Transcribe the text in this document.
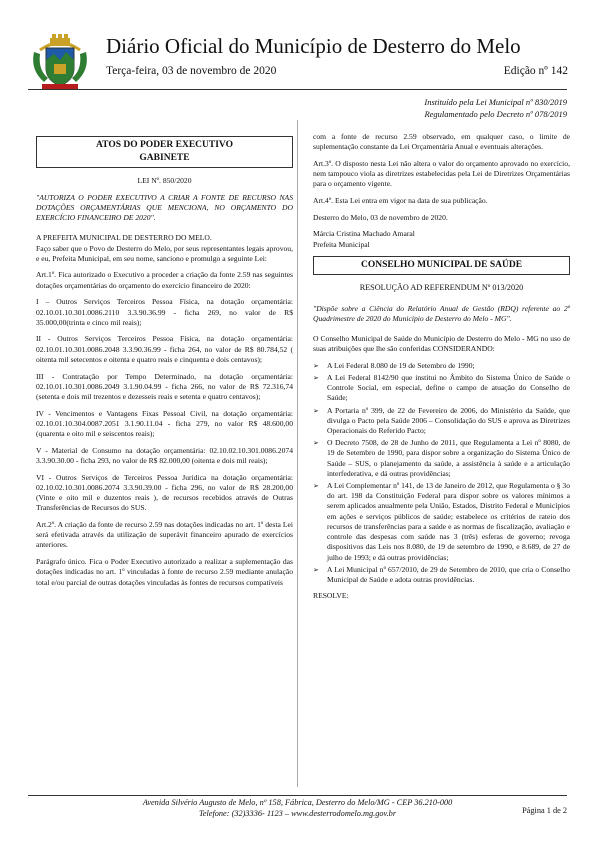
Diário Oficial do Município de Desterro do Melo
Terça-feira, 03 de novembro de 2020	Edição nº 142
Instituído pela Lei Municipal nº 830/2019
Regulamentado pelo Decreto nº 078/2019
ATOS DO PODER EXECUTIVO
GABINETE

LEI Nº. 850/2020

"AUTORIZA O PODER EXECUTIVO A CRIAR A FONTE DE RECURSO NAS DOTAÇÕES ORÇAMENTÁRIAS QUE MENCIONA, NO ORÇAMENTO DO EXERCÍCIO FINANCEIRO DE 2020".

A PREFEITA MUNICIPAL DE DESTERRO DO MELO.

Faço saber que o Povo de Desterro do Melo, por seus representantes legais aprovou, e eu, Prefeita Municipal, em seu nome, sanciono e promulgo a seguinte Lei:

Art.1º. Fica autorizado o Executivo a proceder a criação da fonte 2.59 nas seguintes dotações orçamentárias do orçamento do exercício financeiro de 2020:

I – Outros Serviços Terceiros Pessoa Física, na dotação orçamentária: 02.10.01.10.301.0086.2110 3.3.90.36.99 - ficha 269, no valor de R$ 35.000,00(trinta e cinco mil reais);

II - Outros Serviços Terceiros Pessoa Física, na dotação orçamentária: 02.10.01.10.301.0086.2048 3.3.90.36.99 - ficha 264, no valor de R$ 80.784,52 ( oitenta mil setecentos e oitenta e quatro reais e cinquenta e dois centavos);

III - Contratação por Tempo Determinado, na dotação orçamentária: 02.10.01.10.301.0086.2049 3.1.90.04.99 - ficha 266, no valor de R$ 72.316,74 (setenta e dois mil trezentos e dezesseis reais e setenta e quatro centavos);

IV - Vencimentos e Vantagens Fixas Pessoal Civil, na dotação orçamentária: 02.10.01.10.304.0087.2051 3.1.90.11.04 - ficha 279, no valor R$ 48.600,00 (quarenta e oito mil e seiscentos reais);

V - Material de Consumo na dotação orçamentária: 02.10.02.10.301.0086.2074 3.3.90.30.00 - ficha 293, no valor de R$ 82.000,00 (oitenta e dois mil reais);

VI - Outros Serviços de Terceiros Pessoa Jurídica na dotação orçamentária: 02.10.02.10.301.0086.2074 3.3.90.39.00 - ficha 296, no valor de R$ 28.200,00 (Vinte e oito mil e duzentos reais ), de recursos recebidos através de Outras Transferências de Recursos do SUS.

Art.2º. A criação da fonte de recurso 2.59 nas dotações indicadas no art. 1º desta Lei será efetivada através da utilização de superávit financeiro apurado de exercícios anteriores.

Parágrafo único. Fica o Poder Executivo autorizado a realizar a suplementação das dotações indicadas no art. 1º vinculadas à fonte de recurso 2.59 mediante anulação total e/ou parcial de outras dotações vinculadas às fontes de recursos compatíveis

com a fonte de recurso 2.59 observado, em qualquer caso, o limite de suplementação constante da Lei Orçamentária Anual e eventuais alterações.

Art.3º. O disposto nesta Lei não altera o valor do orçamento aprovado no exercício, nem tampouco viola as diretrizes estabelecidas pela Lei de Diretrizes Orçamentárias para o orçamento vigente.

Art.4º. Esta Lei entra em vigor na data de sua publicação.

Desterro do Melo, 03 de novembro de 2020.

Márcia Cristina Machado Amaral

Prefeita Municipal

CONSELHO MUNICIPAL DE SAÚDE
RESOLUÇÃO AD REFERENDUM Nº 013/2020

"Dispõe sobre a Ciência do Relatório Anual de Gestão (RDQ) referente ao 2º Quadrimestre de 2020 do Município de Desterro do Melo - MG".

O Conselho Municipal de Saúde do Município de Desterro do Melo - MG no uso de suas atribuições que lhe são conferidas CONSIDERANDO:

➢ A Lei Federal 8.080 de 19 de Setembro de 1990;
➢ A Lei Federal 8142/90 que institui no Âmbito do Sistema Único de Saúde o Controle Social, em especial, define o campo de atuação do Conselho de Saúde;
➢ A Portaria nº 399, de 22 de Fevereiro de 2006, do Ministério da Saúde, que divulga o Pacto pela Saúde 2006 – Consolidação do SUS e aprova as Diretrizes Operacionais do Referido Pacto;
➢ O Decreto 7508, de 28 de Junho de 2011, que Regulamenta a Lei nº 8080, de 19 de Setembro de 1990, para dispor sobre a organização do Sistema Único de Saúde – SUS, o planejamento da saúde, a assistência à saúde e a articulação interfederativa, e dá outras providências;
➢ A Lei Complementar nº 141, de 13 de Janeiro de 2012, que Regulamenta o § 3o do art. 198 da Constituição Federal para dispor sobre os valores mínimos a serem aplicados anualmente pela União, Estados, Distrito Federal e Municípios em ações e serviços públicos de saúde; estabelece os critérios de rateio dos recursos de transferências para a saúde e as normas de fiscalização, avaliação e controle das despesas com saúde nas 3 (três) esferas de governo; revoga dispositivos das Leis nos 8.080, de 19 de setembro de 1990, e 8.689, de 27 de julho de 1993; e dá outras providências;
➢ A Lei Municipal nº 657/2010, de 29 de Setembro de 2010, que cria o Conselho Municipal de Saúde e adota outras providências.

RESOLVE:

Avenida Silvério Augusto de Melo, nº 158, Fábrica, Desterro do Melo/MG - CEP 36.210-000
Telefone: (32)3336- 1123 – www.desterrodomelo.mg.gov.br	Página 1 de 2
